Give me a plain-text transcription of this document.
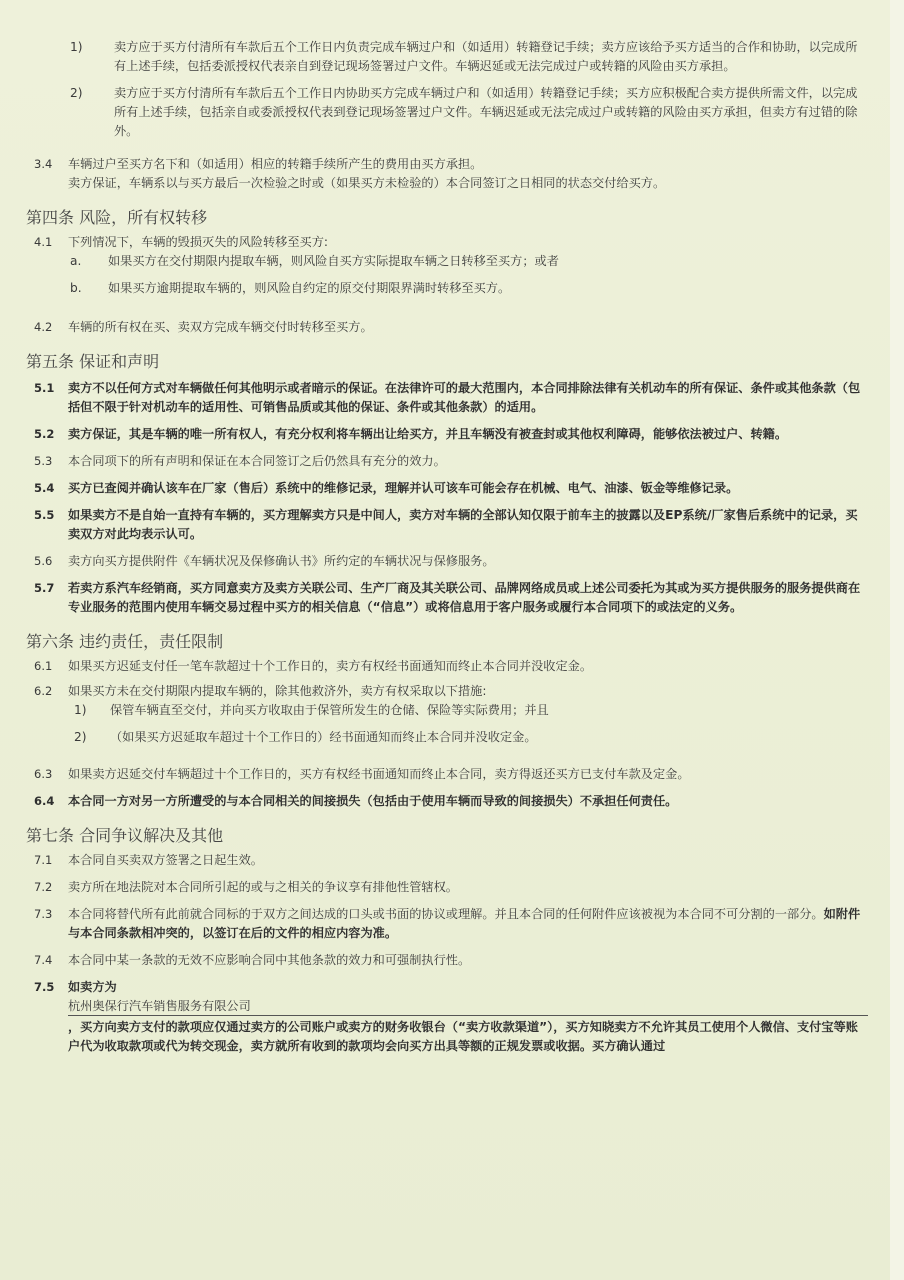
1)	卖方应于买方付清所有车款后五个工作日内负责完成车辆过户和（如适用）转籍登记手续；卖方应该给予买方适当的合作和协助，以完成所有上述手续，包括委派授权代表亲自到登记现场签署过户文件。车辆迟延或无法完成过户或转籍的风险由买方承担。
2)	卖方应于买方付清所有车款后五个工作日内协助买方完成车辆过户和（如适用）转籍登记手续；买方应积极配合卖方提供所需文件，以完成所有上述手续，包括亲自或委派授权代表到登记现场签署过户文件。车辆迟延或无法完成过户或转籍的风险由买方承担，但卖方有过错的除外。
3.4	车辆过户至买方名下和（如适用）相应的转籍手续所产生的费用由买方承担。

卖方保证，车辆系以与买方最后一次检验之时或（如果买方未检验的）本合同签订之日相同的状态交付给买方。

第四条 风险，所有权转移
4.1	下列情况下，车辆的毁损灭失的风险转移至买方:
a.	如果买方在交付期限内提取车辆，则风险自买方实际提取车辆之日转移至买方；或者
b.	如果买方逾期提取车辆的，则风险自约定的原交付期限界满时转移至买方。
4.2	车辆的所有权在买、卖双方完成车辆交付时转移至买方。
第五条 保证和声明
5.1	卖方不以任何方式对车辆做任何其他明示或者暗示的保证。在法律许可的最大范围内，本合同排除法律有关机动车的所有保证、条件或其他条款（包括但不限于针对机动车的适用性、可销售品质或其他的保证、条件或其他条款）的适用。
5.2	卖方保证，其是车辆的唯一所有权人，有充分权利将车辆出让给买方，并且车辆没有被查封或其他权利障碍，能够依法被过户、转籍。
5.3	本合同项下的所有声明和保证在本合同签订之后仍然具有充分的效力。
5.4	买方已查阅并确认该车在厂家（售后）系统中的维修记录，理解并认可该车可能会存在机械、电气、油漆、钣金等维修记录。
5.5	如果卖方不是自始一直持有车辆的，买方理解卖方只是中间人，卖方对车辆的全部认知仅限于前车主的披露以及EP系统/厂家售后系统中的记录，买卖双方对此均表示认可。
5.6	卖方向买方提供附件《车辆状况及保修确认书》所约定的车辆状况与保修服务。
5.7	若卖方系汽车经销商，买方同意卖方及卖方关联公司、生产厂商及其关联公司、品牌网络成员或上述公司委托为其或为买方提供服务的服务提供商在专业服务的范围内使用车辆交易过程中买方的相关信息（“信息”）或将信息用于客户服务或履行本合同项下的或法定的义务。
第六条 违约责任，责任限制
6.1	如果买方迟延支付任一笔车款超过十个工作日的，卖方有权经书面通知而终止本合同并没收定金。
6.2	如果买方未在交付期限内提取车辆的，除其他救济外，卖方有权采取以下措施:
1)	保管车辆直至交付，并向买方收取由于保管所发生的仓储、保险等实际费用；并且
2)	（如果买方迟延取车超过十个工作日的）经书面通知而终止本合同并没收定金。
6.3	如果卖方迟延交付车辆超过十个工作日的，买方有权经书面通知而终止本合同，卖方得返还买方已支付车款及定金。
6.4	本合同一方对另一方所遭受的与本合同相关的间接损失（包括由于使用车辆而导致的间接损失）不承担任何责任。
第七条 合同争议解决及其他
7.1	本合同自买卖双方签署之日起生效。
7.2	卖方所在地法院对本合同所引起的或与之相关的争议享有排他性管辖权。
7.3	本合同将替代所有此前就合同标的于双方之间达成的口头或书面的协议或理解。并且本合同的任何附件应该被视为本合同不可分割的一部分。如附件与本合同条款相冲突的，以签订在后的文件的相应内容为准。
7.4	本合同中某一条款的无效不应影响合同中其他条款的效力和可强制执行性。
7.5	如卖方为
杭州奥保行汽车销售服务有限公司

，买方向卖方支付的款项应仅通过卖方的公司账户或卖方的财务收银台（“卖方收款渠道”），买方知晓卖方不允许其员工使用个人微信、支付宝等账户代为收取款项或代为转交现金，卖方就所有收到的款项均会向买方出具等额的正规发票或收据。买方确认通过
